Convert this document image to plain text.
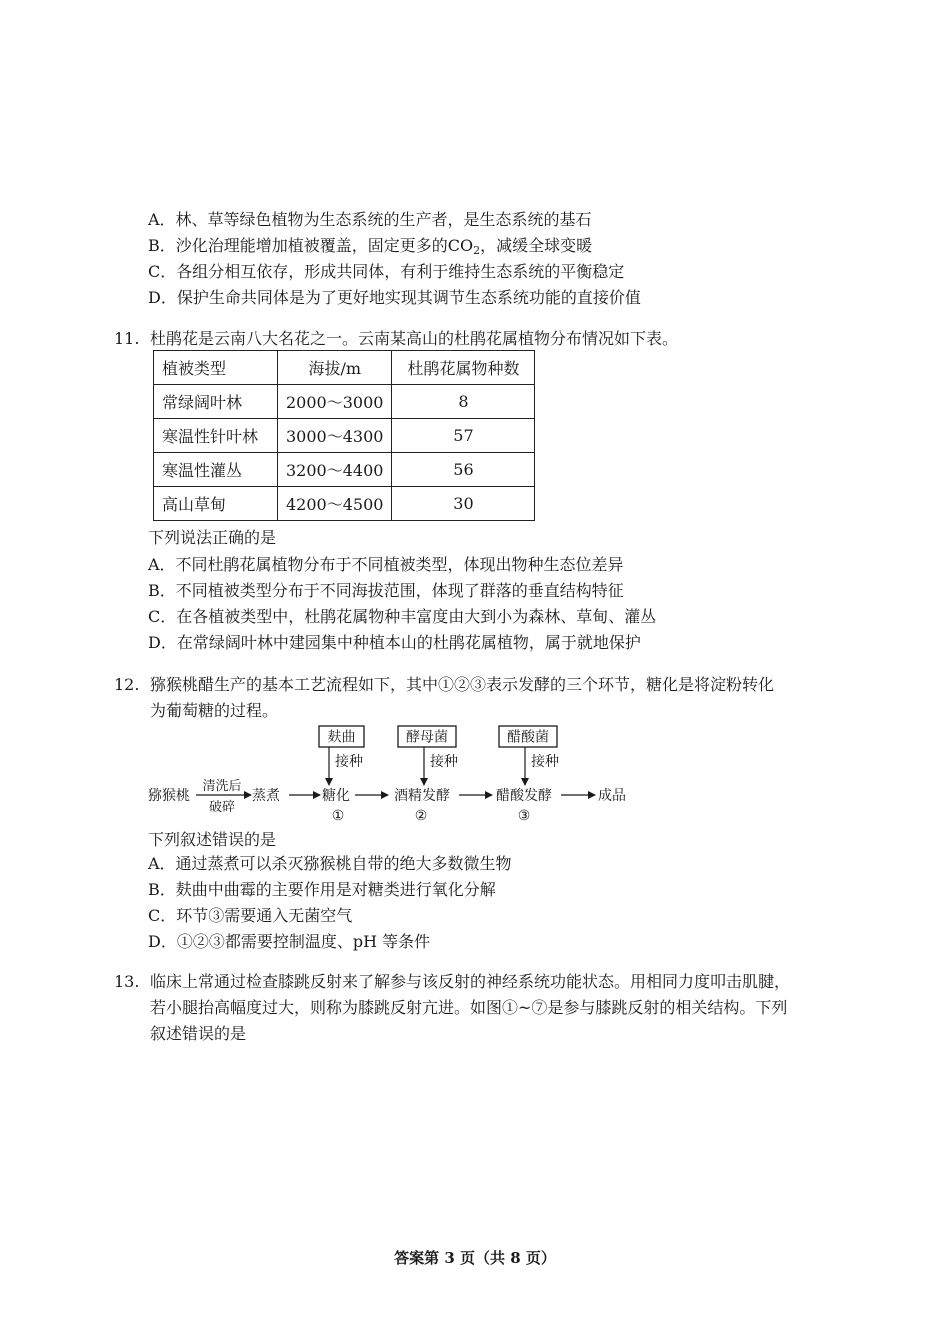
A．林、草等绿色植物为生态系统的生产者，是生态系统的基石
B．沙化治理能增加植被覆盖，固定更多的$CO_2$，减缓全球变暖
C．各组分相互依存，形成共同体，有利于维持生态系统的平衡稳定
D．保护生命共同体是为了更好地实现其调节生态系统功能的直接价值
11. 杜鹃花是云南八大名花之一。云南某高山的杜鹃花属植物分布情况如下表。
植被类型	海拔/m	杜鹃花属物种数
常绿阔叶林	2000～3000	8
寒温性针叶林	3000～4300	57
寒温性灌丛	3200～4400	56
高山草甸	4200～4500	30
下列说法正确的是
A．不同杜鹃花属植物分布于不同植被类型，体现出物种生态位差异
B．不同植被类型分布于不同海拔范围，体现了群落的垂直结构特征
C．在各植被类型中，杜鹃花属物种丰富度由大到小为森林、草甸、灌丛
D．在常绿阔叶林中建园集中种植本山的杜鹃花属植物，属于就地保护
12. 猕猴桃醋生产的基本工艺流程如下，其中①②③表示发酵的三个环节，糖化是将淀粉转化
为葡萄糖的过程。
麸曲	酵母菌	醋酸菌
接种	接种	接种
猕猴桃
清洗后
破碎
蒸煮	糖化	酒精发酵	醋酸发酵	成品
①	②	③
下列叙述错误的是
A．通过蒸煮可以杀灭猕猴桃自带的绝大多数微生物
B．麸曲中曲霉的主要作用是对糖类进行氧化分解
C．环节③需要通入无菌空气
D．①②③都需要控制温度、pH 等条件
13. 临床上常通过检查膝跳反射来了解参与该反射的神经系统功能状态。用相同力度叩击肌腱，
若小腿抬高幅度过大，则称为膝跳反射亢进。如图①~⑦是参与膝跳反射的相关结构。下列
叙述错误的是
答案第 3 页（共 8 页）
